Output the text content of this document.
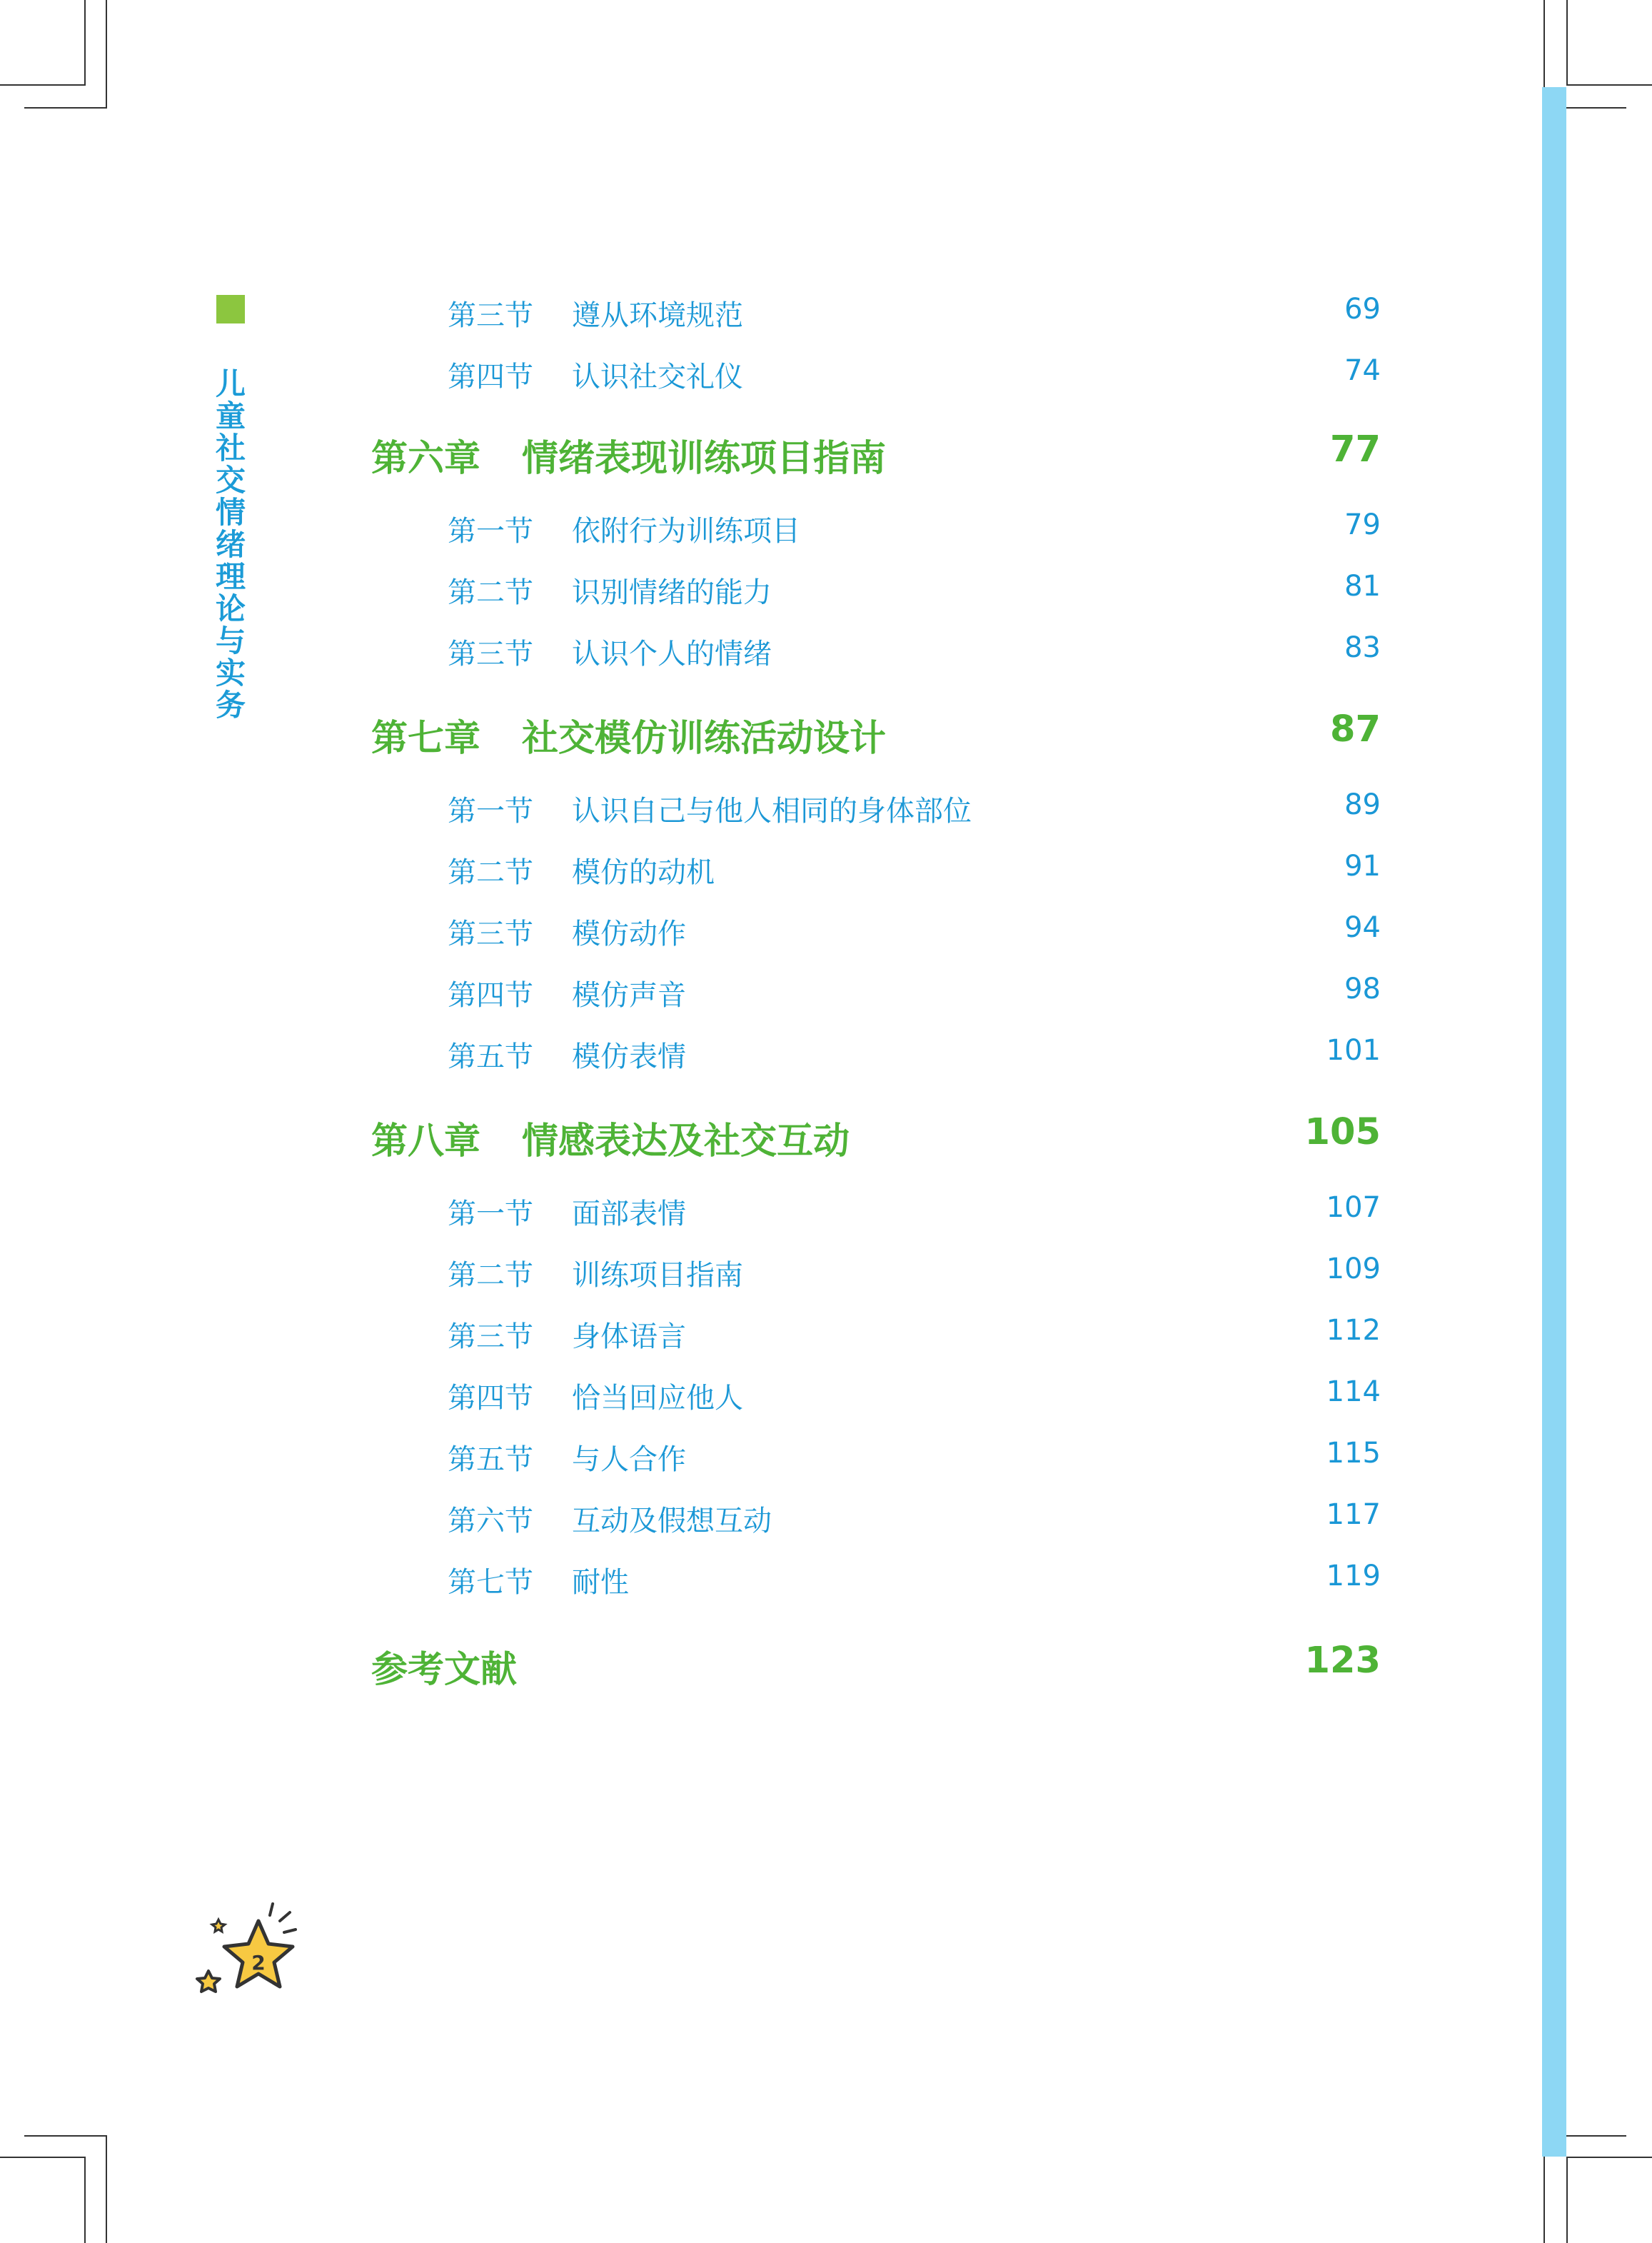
儿
童
社
交
情
绪
理
论
与
实
务
第三节 遵从环境规范	69
第四节 认识社交礼仪	74
第六章 情绪表现训练项目指南	77
第一节 依附行为训练项目	79
第二节 识别情绪的能力	81
第三节 认识个人的情绪	83
第七章 社交模仿训练活动设计	87
第一节 认识自己与他人相同的身体部位	89
第二节 模仿的动机	91
第三节 模仿动作	94
第四节 模仿声音	98
第五节 模仿表情	101
第八章 情感表达及社交互动	105
第一节 面部表情	107
第二节 训练项目指南	109
第三节 身体语言	112
第四节 恰当回应他人	114
第五节 与人合作	115
第六节 互动及假想互动	117
第七节 耐性	119
参考文献	123
2
